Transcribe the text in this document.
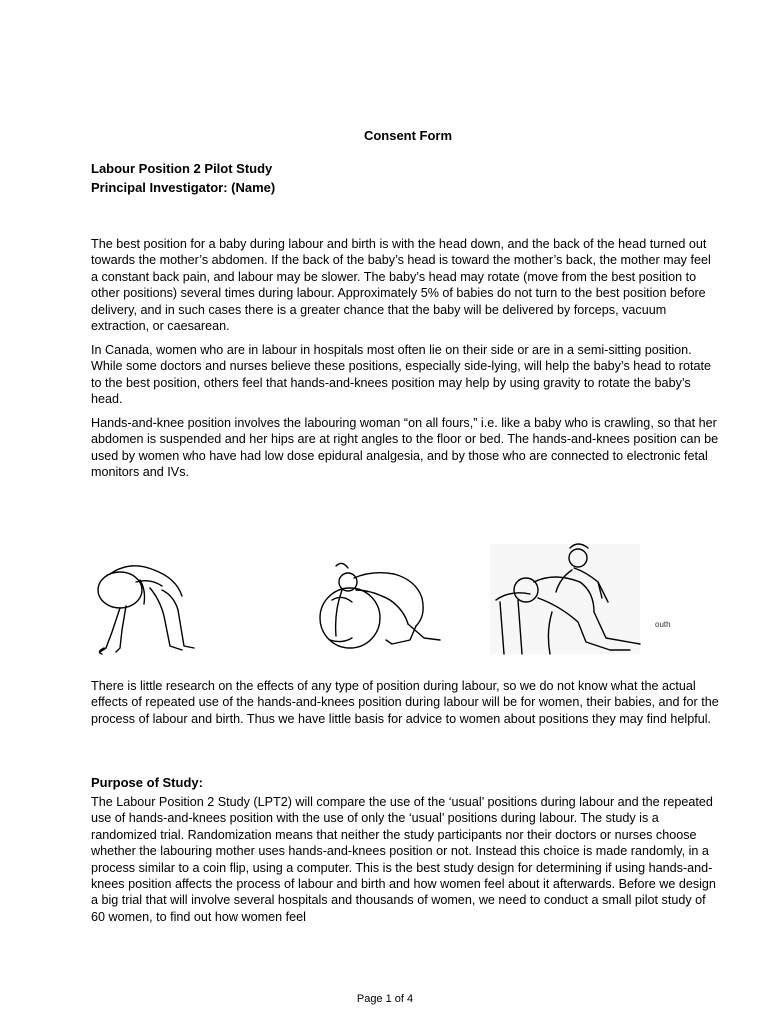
Consent Form
Labour Position 2 Pilot Study
Principal Investigator: (Name)

The best position for a baby during labour and birth is with the head down, and the back of the head turned out towards the mother’s abdomen. If the back of the baby’s head is toward the mother’s back, the mother may feel a constant back pain, and labour may be slower. The baby’s head may rotate (move from the best position to other positions) several times during labour. Approximately 5% of babies do not turn to the best position before delivery, and in such cases there is a greater chance that the baby will be delivered by forceps, vacuum extraction, or caesarean.

In Canada, women who are in labour in hospitals most often lie on their side or are in a semi-sitting position. While some doctors and nurses believe these positions, especially side-lying, will help the baby’s head to rotate to the best position, others feel that hands-and-knees position may help by using gravity to rotate the baby’s head.

Hands-and-knee position involves the labouring woman “on all fours,” i.e. like a baby who is crawling, so that her abdomen is suspended and her hips are at right angles to the floor or bed. The hands-and-knees position can be used by women who have had low dose epidural analgesia, and by those who are connected to electronic fetal monitors and IVs.

outh

There is little research on the effects of any type of position during labour, so we do not know what the actual effects of repeated use of the hands-and-knees position during labour will be for women, their babies, and for the process of labour and birth. Thus we have little basis for advice to women about positions they may find helpful.

Purpose of Study:

The Labour Position 2 Study (LPT2) will compare the use of the ‘usual’ positions during labour and the repeated use of hands-and-knees position with the use of only the ‘usual’ positions during labour. The study is a randomized trial. Randomization means that neither the study participants nor their doctors or nurses choose whether the labouring mother uses hands-and-knees position or not. Instead this choice is made randomly, in a process similar to a coin flip, using a computer. This is the best study design for determining if using hands-and-knees position affects the process of labour and birth and how women feel about it afterwards. Before we design a big trial that will involve several hospitals and thousands of women, we need to conduct a small pilot study of 60 women, to find out how women feel

Page 1 of 4
